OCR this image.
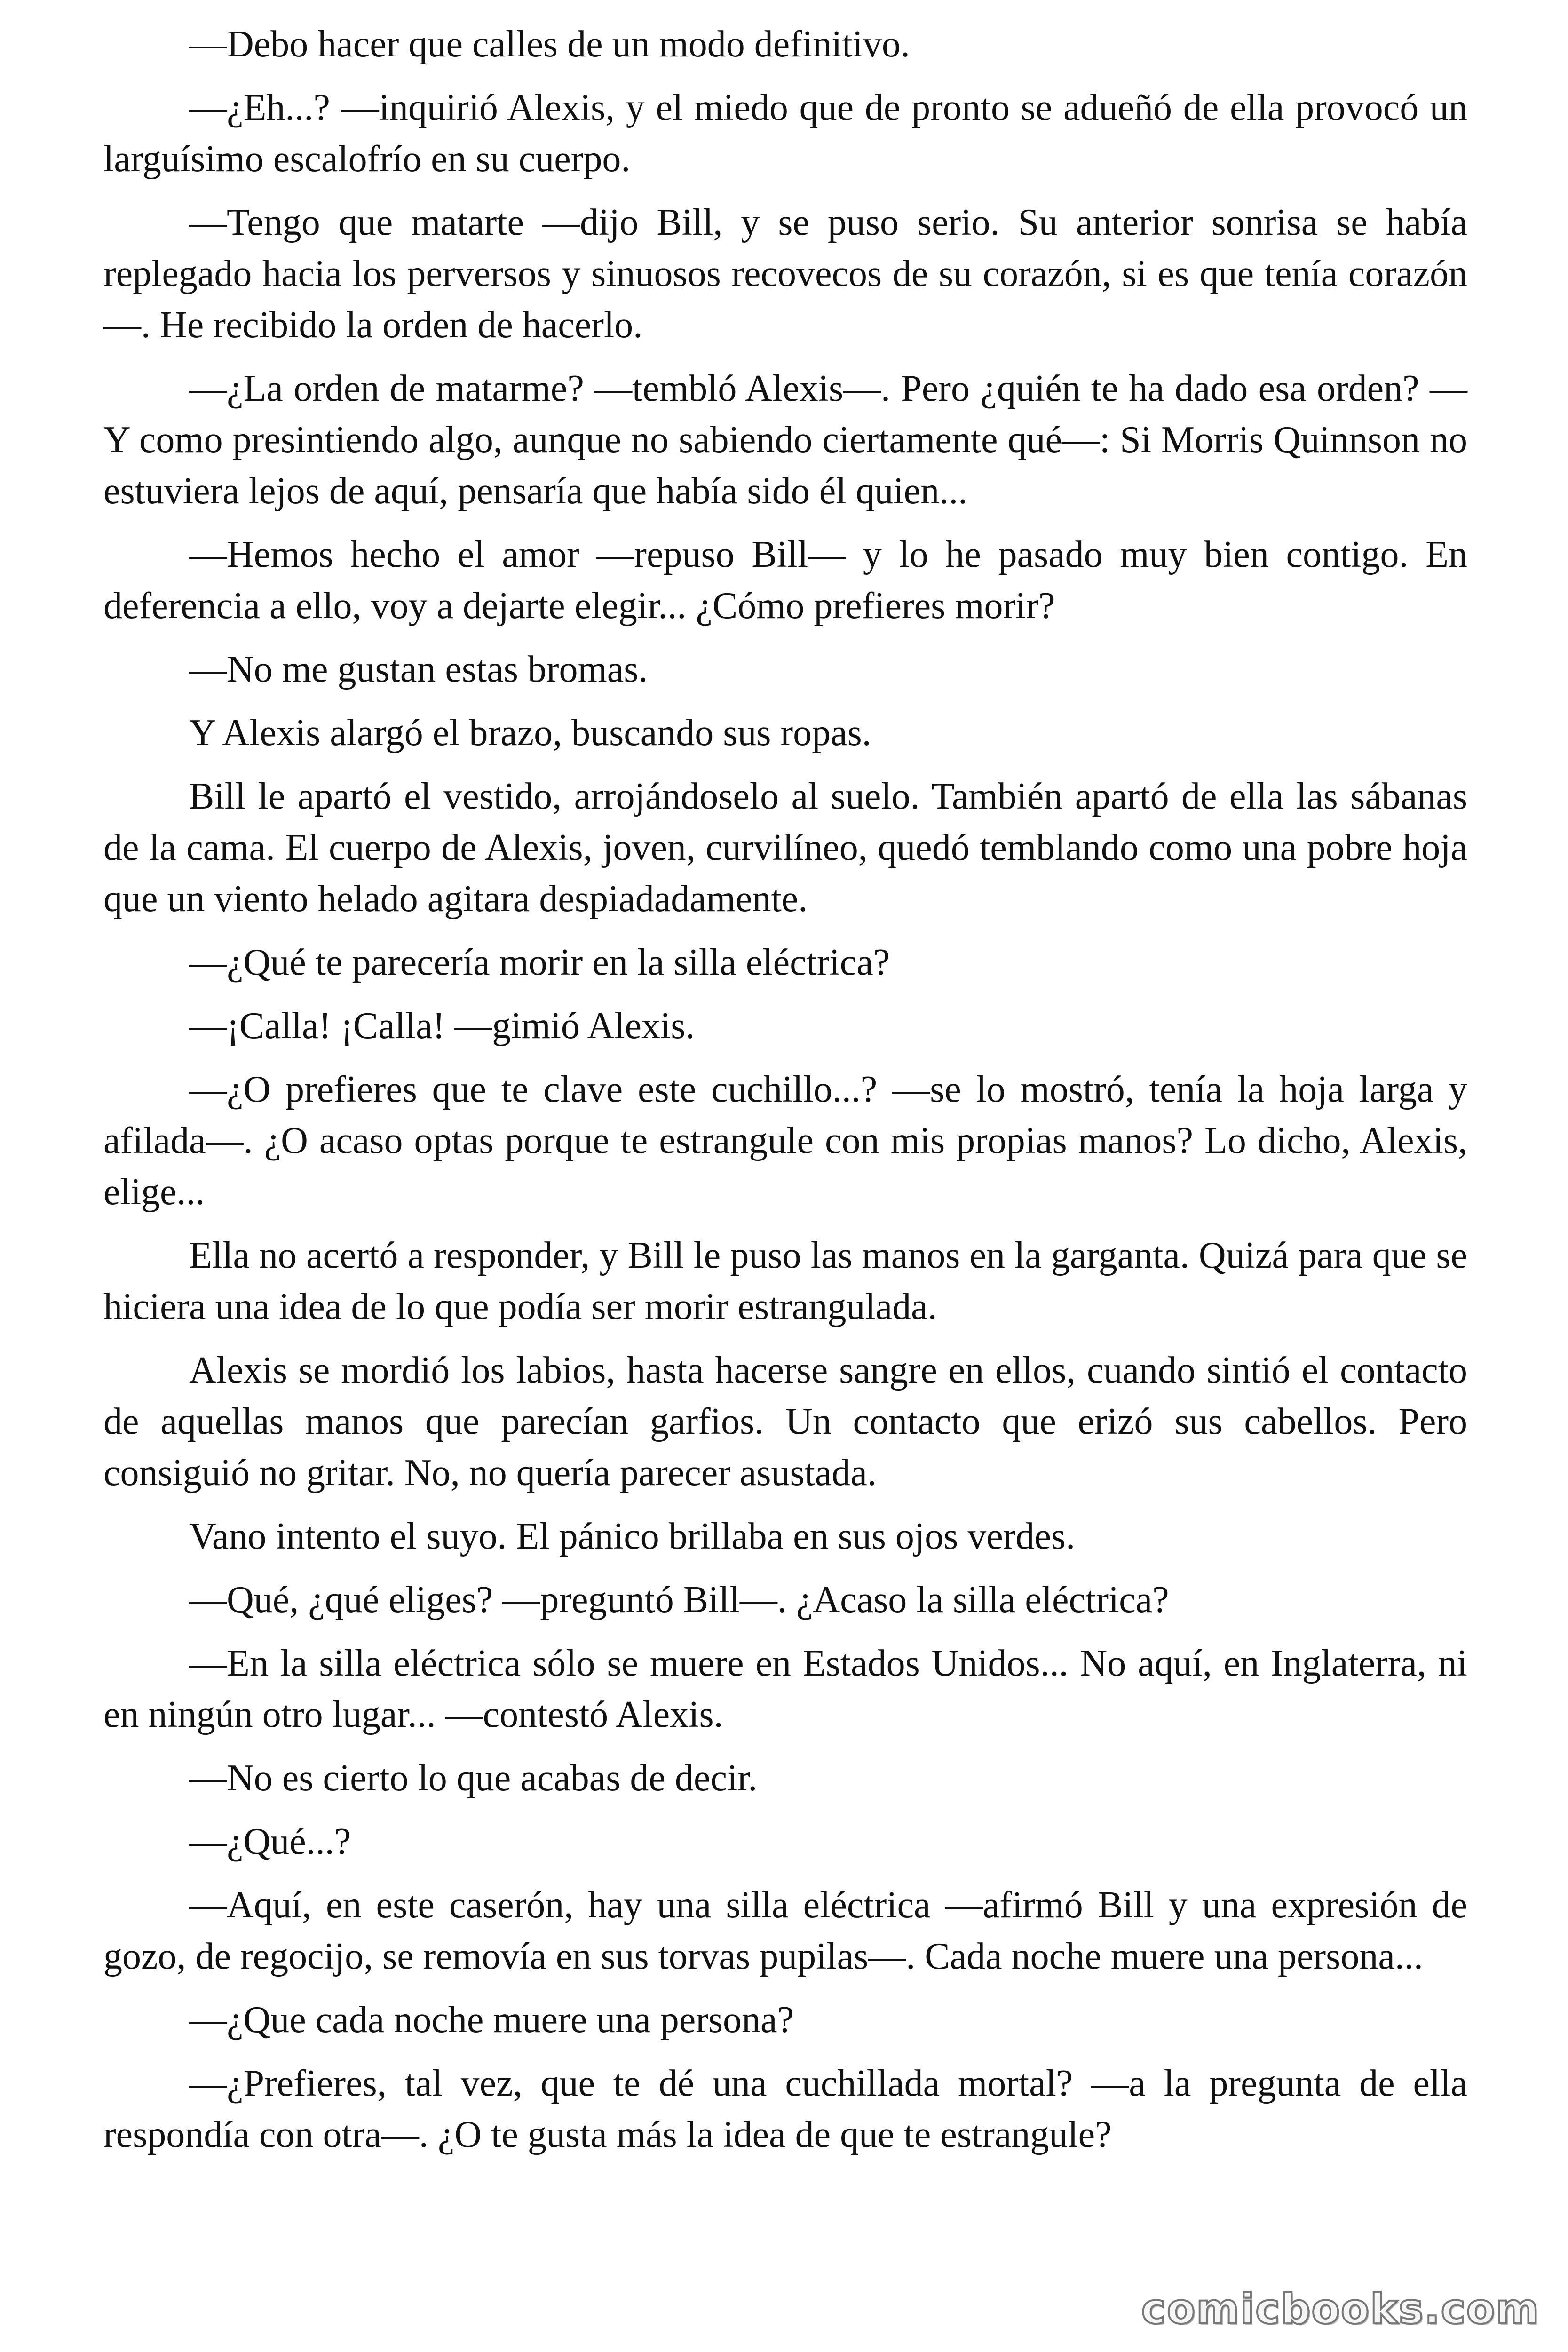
—Debo hacer que calles de un modo definitivo.

—¿Eh...? —inquirió Alexis, y el miedo que de pronto se adueñó de ella provocó un larguísimo escalofrío en su cuerpo.

—Tengo que matarte —dijo Bill, y se puso serio. Su anterior sonrisa se había replegado hacia los perversos y sinuosos recovecos de su corazón, si es que tenía corazón—. He recibido la orden de hacerlo.

—¿La orden de matarme? —tembló Alexis—. Pero ¿quién te ha dado esa orden? —Y como presintiendo algo, aunque no sabiendo ciertamente qué—: Si Morris Quinnson no estuviera lejos de aquí, pensaría que había sido él quien...

—Hemos hecho el amor —repuso Bill— y lo he pasado muy bien contigo. En deferencia a ello, voy a dejarte elegir... ¿Cómo prefieres morir?

—No me gustan estas bromas.

Y Alexis alargó el brazo, buscando sus ropas.

Bill le apartó el vestido, arrojándoselo al suelo. También apartó de ella las sábanas de la cama. El cuerpo de Alexis, joven, curvilíneo, quedó temblando como una pobre hoja que un viento helado agitara despiadadamente.

—¿Qué te parecería morir en la silla eléctrica?

—¡Calla! ¡Calla! —gimió Alexis.

—¿O prefieres que te clave este cuchillo...? —se lo mostró, tenía la hoja larga y afilada—. ¿O acaso optas porque te estrangule con mis propias manos? Lo dicho, Alexis, elige...

Ella no acertó a responder, y Bill le puso las manos en la garganta. Quizá para que se hiciera una idea de lo que podía ser morir estrangulada.

Alexis se mordió los labios, hasta hacerse sangre en ellos, cuando sintió el contacto de aquellas manos que parecían garfios. Un contacto que erizó sus cabellos. Pero consiguió no gritar. No, no quería parecer asustada.

Vano intento el suyo. El pánico brillaba en sus ojos verdes.

—Qué, ¿qué eliges? —preguntó Bill—. ¿Acaso la silla eléctrica?

—En la silla eléctrica sólo se muere en Estados Unidos... No aquí, en Inglaterra, ni en ningún otro lugar... —contestó Alexis.

—No es cierto lo que acabas de decir.

—¿Qué...?

—Aquí, en este caserón, hay una silla eléctrica —afirmó Bill y una expresión de gozo, de regocijo, se removía en sus torvas pupilas—. Cada noche muere una persona...

—¿Que cada noche muere una persona?

—¿Prefieres, tal vez, que te dé una cuchillada mortal? —a la pregunta de ella respondía con otra—. ¿O te gusta más la idea de que te estrangule?

comicbooks.com
